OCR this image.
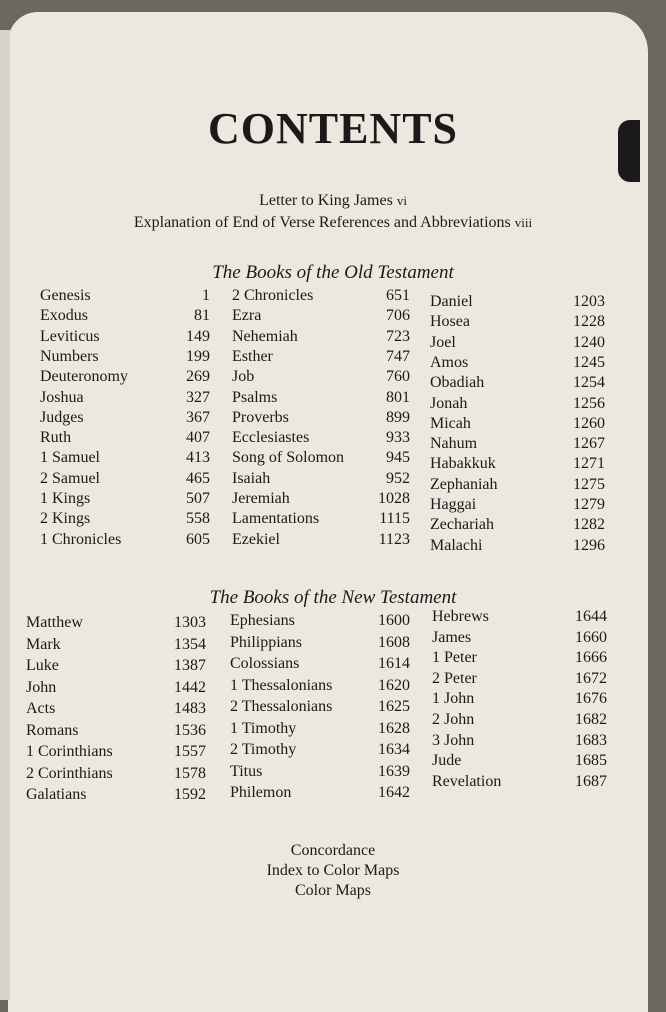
CONTENTS
Letter to King James vi
Explanation of End of Verse References and Abbreviations viii
The Books of the Old Testament
Genesis	1
Exodus	81
Leviticus	149
Numbers	199
Deuteronomy	269
Joshua	327
Judges	367
Ruth	407
1 Samuel	413
2 Samuel	465
1 Kings	507
2 Kings	558
1 Chronicles	605
2 Chronicles	651
Ezra	706
Nehemiah	723
Esther	747
Job	760
Psalms	801
Proverbs	899
Ecclesiastes	933
Song of Solomon	945
Isaiah	952
Jeremiah	1028
Lamentations	1115
Ezekiel	1123
Daniel	1203
Hosea	1228
Joel	1240
Amos	1245
Obadiah	1254
Jonah	1256
Micah	1260
Nahum	1267
Habakkuk	1271
Zephaniah	1275
Haggai	1279
Zechariah	1282
Malachi	1296
The Books of the New Testament
Matthew	1303
Mark	1354
Luke	1387
John	1442
Acts	1483
Romans	1536
1 Corinthians	1557
2 Corinthians	1578
Galatians	1592
Ephesians	1600
Philippians	1608
Colossians	1614
1 Thessalonians	1620
2 Thessalonians	1625
1 Timothy	1628
2 Timothy	1634
Titus	1639
Philemon	1642
Hebrews	1644
James	1660
1 Peter	1666
2 Peter	1672
1 John	1676
2 John	1682
3 John	1683
Jude	1685
Revelation	1687
Concordance
Index to Color Maps
Color Maps
